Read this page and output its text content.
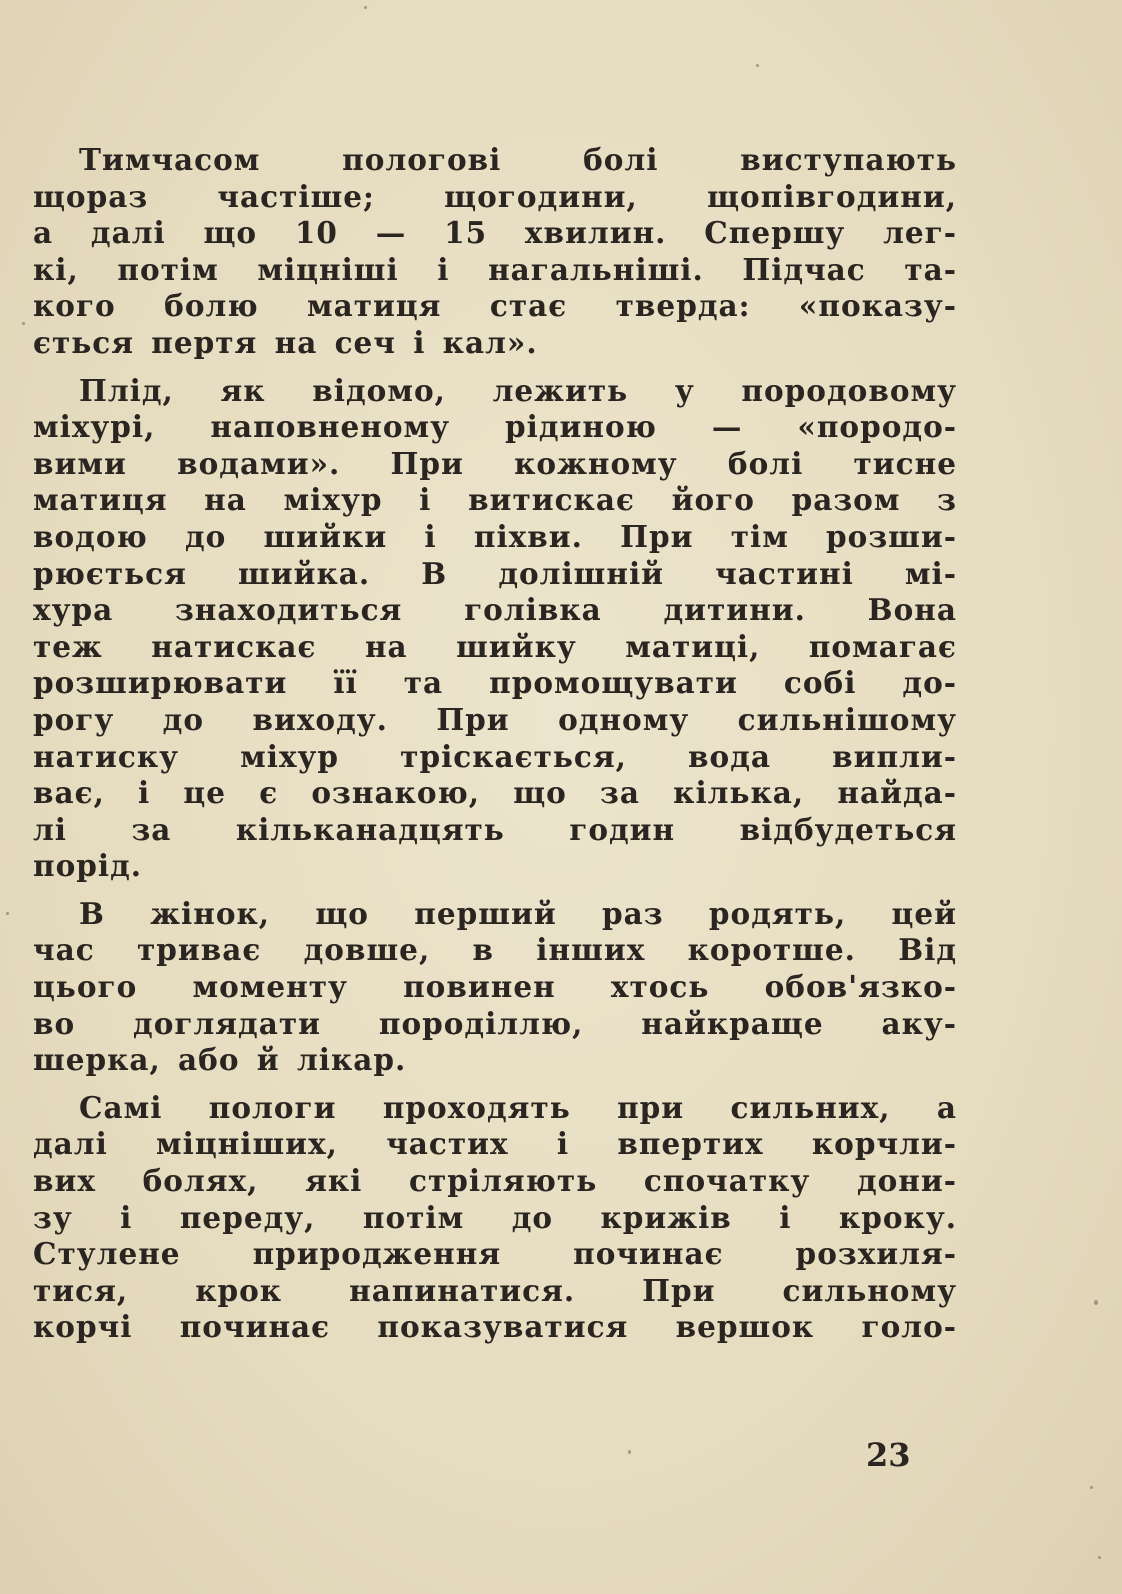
Тимчасом пологові болі виступають
щораз частіше; щогодини, щопівгодини,
а далі що 10 — 15 хвилин. Спершу лег-
кі, потім міцніші і нагальніші. Підчас та-
кого болю матиця стає тверда: «показу-
ється пертя на сеч і кал».
Плід, як відомо, лежить у породовому
міхурі, наповненому рідиною — «породо-
вими водами». При кожному болі тисне
матиця на міхур і витискає його разом з
водою до шийки і піхви. При тім розши-
рюється шийка. В долішній частині мі-
хура знаходиться голівка дитини. Вона
теж натискає на шийку матиці, помагає
розширювати її та промощувати собі до-
рогу до виходу. При одному сильнішому
натиску міхур тріскається, вода випли-
ває, і це є ознакою, що за кілька, найда-
лі за кільканадцять годин відбудеться
порід.
В жінок, що перший раз родять, цей
час триває довше, в інших коротше. Від
цього моменту повинен хтось обов'язко-
во доглядати породіллю, найкраще аку-
шерка, або й лікар.
Самі пологи проходять при сильних, а
далі міцніших, частих і впертих корчли-
вих болях, які стріляють спочатку дони-
зу і переду, потім до крижів і кроку.
Стулене природження починає розхиля-
тися, крок напинатися. При сильному
корчі починає показуватися вершок голо-
23
